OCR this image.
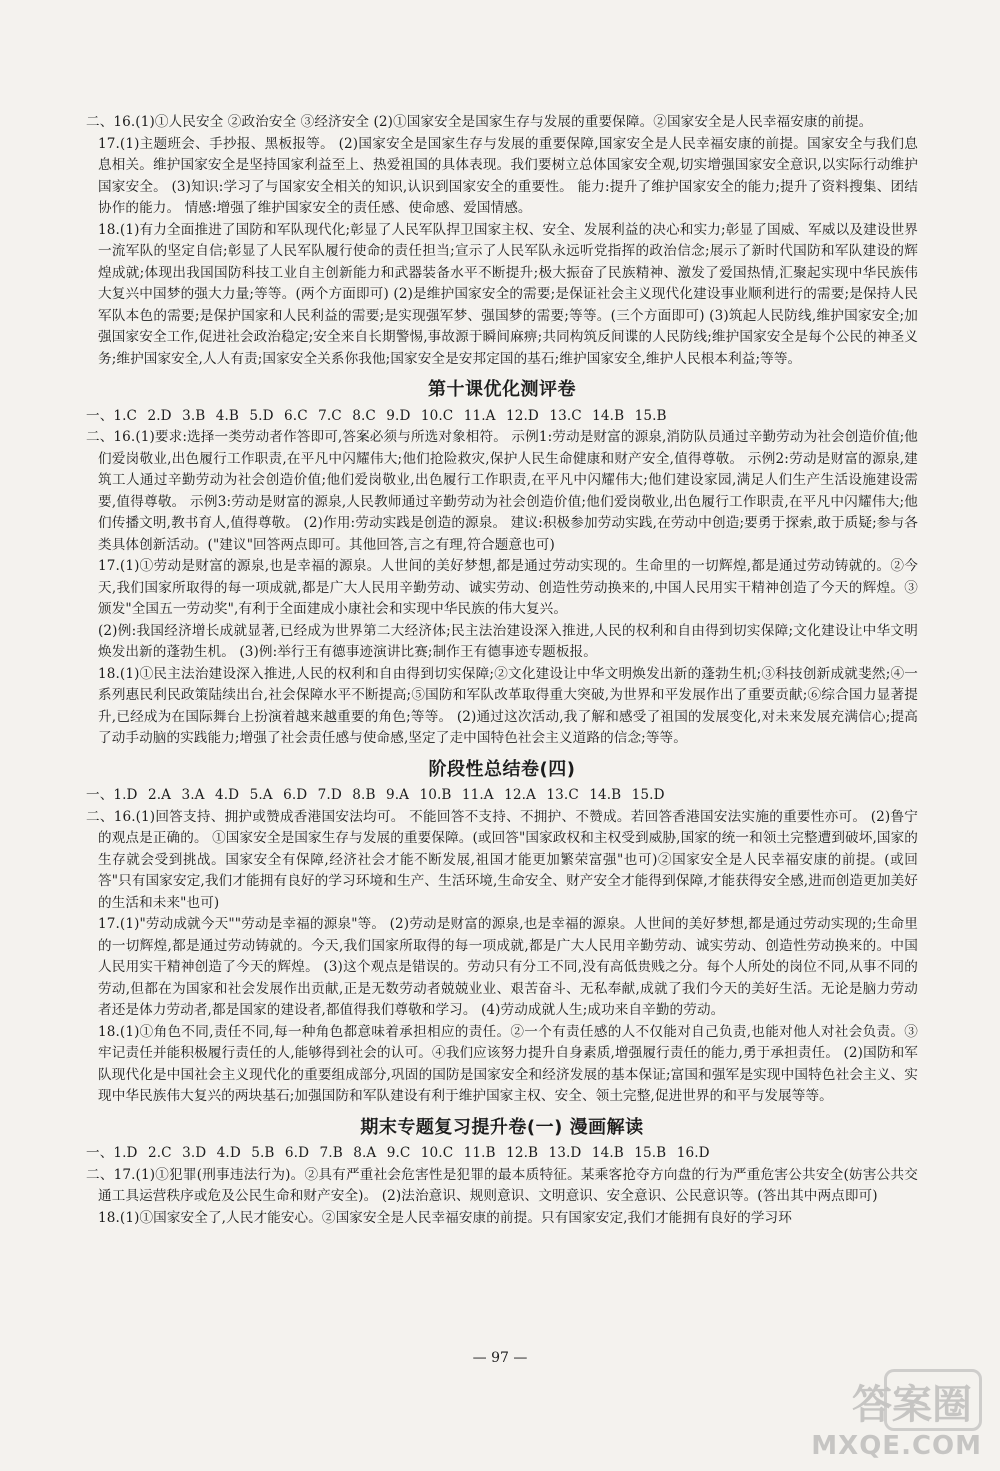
二、16.(1)①人民安全 ②政治安全 ③经济安全 (2)①国家安全是国家生存与发展的重要保障。②国家安全是人民幸福安康的前提。

17.(1)主题班会、手抄报、黑板报等。 (2)国家安全是国家生存与发展的重要保障,国家安全是人民幸福安康的前提。国家安全与我们息息相关。维护国家安全是坚持国家利益至上、热爱祖国的具体表现。我们要树立总体国家安全观,切实增强国家安全意识,以实际行动维护国家安全。 (3)知识:学习了与国家安全相关的知识,认识到国家安全的重要性。 能力:提升了维护国家安全的能力;提升了资料搜集、团结协作的能力。 情感:增强了维护国家安全的责任感、使命感、爱国情感。

18.(1)有力全面推进了国防和军队现代化;彰显了人民军队捍卫国家主权、安全、发展利益的决心和实力;彰显了国威、军威以及建设世界一流军队的坚定自信;彰显了人民军队履行使命的责任担当;宣示了人民军队永远听党指挥的政治信念;展示了新时代国防和军队建设的辉煌成就;体现出我国国防科技工业自主创新能力和武器装备水平不断提升;极大振奋了民族精神、激发了爱国热情,汇聚起实现中华民族伟大复兴中国梦的强大力量;等等。(两个方面即可) (2)是维护国家安全的需要;是保证社会主义现代化建设事业顺利进行的需要;是保持人民军队本色的需要;是保护国家和人民利益的需要;是实现强军梦、强国梦的需要;等等。(三个方面即可) (3)筑起人民防线,维护国家安全;加强国家安全工作,促进社会政治稳定;安全来自长期警惕,事故源于瞬间麻痹;共同构筑反间谍的人民防线;维护国家安全是每个公民的神圣义务;维护国家安全,人人有责;国家安全关系你我他;国家安全是安邦定国的基石;维护国家安全,维护人民根本利益;等等。

第十课优化测评卷

一、1.C 2.D 3.B 4.B 5.D 6.C 7.C 8.C 9.D 10.C 11.A 12.D 13.C 14.B 15.B

二、16.(1)要求:选择一类劳动者作答即可,答案必须与所选对象相符。 示例1:劳动是财富的源泉,消防队员通过辛勤劳动为社会创造价值;他们爱岗敬业,出色履行工作职责,在平凡中闪耀伟大;他们抢险救灾,保护人民生命健康和财产安全,值得尊敬。 示例2:劳动是财富的源泉,建筑工人通过辛勤劳动为社会创造价值;他们爱岗敬业,出色履行工作职责,在平凡中闪耀伟大;他们建设家园,满足人们生产生活设施建设需要,值得尊敬。 示例3:劳动是财富的源泉,人民教师通过辛勤劳动为社会创造价值;他们爱岗敬业,出色履行工作职责,在平凡中闪耀伟大;他们传播文明,教书育人,值得尊敬。 (2)作用:劳动实践是创造的源泉。 建议:积极参加劳动实践,在劳动中创造;要勇于探索,敢于质疑;参与各类具体创新活动。("建议"回答两点即可。其他回答,言之有理,符合题意也可)

17.(1)①劳动是财富的源泉,也是幸福的源泉。人世间的美好梦想,都是通过劳动实现的。生命里的一切辉煌,都是通过劳动铸就的。②今天,我们国家所取得的每一项成就,都是广大人民用辛勤劳动、诚实劳动、创造性劳动换来的,中国人民用实干精神创造了今天的辉煌。③颁发"全国五一劳动奖",有利于全面建成小康社会和实现中华民族的伟大复兴。

(2)例:我国经济增长成就显著,已经成为世界第二大经济体;民主法治建设深入推进,人民的权利和自由得到切实保障;文化建设让中华文明焕发出新的蓬勃生机。 (3)例:举行王有德事迹演讲比赛;制作王有德事迹专题板报。

18.(1)①民主法治建设深入推进,人民的权利和自由得到切实保障;②文化建设让中华文明焕发出新的蓬勃生机;③科技创新成就斐然;④一系列惠民利民政策陆续出台,社会保障水平不断提高;⑤国防和军队改革取得重大突破,为世界和平发展作出了重要贡献;⑥综合国力显著提升,已经成为在国际舞台上扮演着越来越重要的角色;等等。 (2)通过这次活动,我了解和感受了祖国的发展变化,对未来发展充满信心;提高了动手动脑的实践能力;增强了社会责任感与使命感,坚定了走中国特色社会主义道路的信念;等等。

阶段性总结卷(四)

一、1.D 2.A 3.A 4.D 5.A 6.D 7.D 8.B 9.A 10.B 11.A 12.A 13.C 14.B 15.D

二、16.(1)回答支持、拥护或赞成香港国安法均可。 不能回答不支持、不拥护、不赞成。若回答香港国安法实施的重要性亦可。 (2)鲁宁的观点是正确的。 ①国家安全是国家生存与发展的重要保障。(或回答"国家政权和主权受到威胁,国家的统一和领土完整遭到破坏,国家的生存就会受到挑战。国家安全有保障,经济社会才能不断发展,祖国才能更加繁荣富强"也可)②国家安全是人民幸福安康的前提。(或回答"只有国家安定,我们才能拥有良好的学习环境和生产、生活环境,生命安全、财产安全才能得到保障,才能获得安全感,进而创造更加美好的生活和未来"也可)

17.(1)"劳动成就今天""劳动是幸福的源泉"等。 (2)劳动是财富的源泉,也是幸福的源泉。人世间的美好梦想,都是通过劳动实现的;生命里的一切辉煌,都是通过劳动铸就的。今天,我们国家所取得的每一项成就,都是广大人民用辛勤劳动、诚实劳动、创造性劳动换来的。中国人民用实干精神创造了今天的辉煌。 (3)这个观点是错误的。劳动只有分工不同,没有高低贵贱之分。每个人所处的岗位不同,从事不同的劳动,但都在为国家和社会发展作出贡献,正是无数劳动者兢兢业业、艰苦奋斗、无私奉献,成就了我们今天的美好生活。无论是脑力劳动者还是体力劳动者,都是国家的建设者,都值得我们尊敬和学习。 (4)劳动成就人生;成功来自辛勤的劳动。

18.(1)①角色不同,责任不同,每一种角色都意味着承担相应的责任。②一个有责任感的人不仅能对自己负责,也能对他人对社会负责。③牢记责任并能积极履行责任的人,能够得到社会的认可。④我们应该努力提升自身素质,增强履行责任的能力,勇于承担责任。 (2)国防和军队现代化是中国社会主义现代化的重要组成部分,巩固的国防是国家安全和经济发展的基本保证;富国和强军是实现中国特色社会主义、实现中华民族伟大复兴的两块基石;加强国防和军队建设有利于维护国家主权、安全、领土完整,促进世界的和平与发展等等。

期末专题复习提升卷(一) 漫画解读

一、1.D 2.C 3.D 4.D 5.B 6.D 7.B 8.A 9.C 10.C 11.B 12.B 13.D 14.B 15.B 16.D

二、17.(1)①犯罪(刑事违法行为)。②具有严重社会危害性是犯罪的最本质特征。某乘客抢夺方向盘的行为严重危害公共安全(妨害公共交通工具运营秩序或危及公民生命和财产安全)。 (2)法治意识、规则意识、文明意识、安全意识、公民意识等。(答出其中两点即可)

18.(1)①国家安全了,人民才能安心。②国家安全是人民幸福安康的前提。只有国家安定,我们才能拥有良好的学习环

— 97 —
答案圈
MXQE.COM
